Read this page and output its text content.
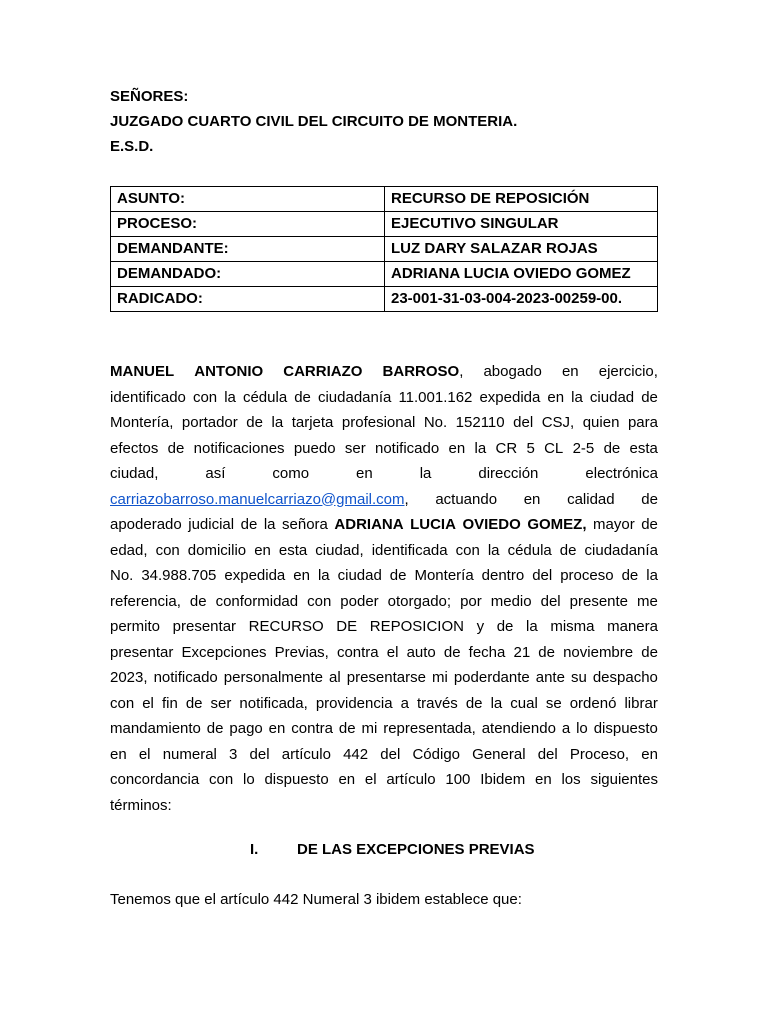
SEÑORES:
JUZGADO CUARTO CIVIL DEL CIRCUITO DE MONTERIA.
E.S.D.
ASUNTO:	RECURSO DE REPOSICIÓN
PROCESO:	EJECUTIVO SINGULAR
DEMANDANTE:	LUZ DARY SALAZAR ROJAS
DEMANDADO:	ADRIANA LUCIA OVIEDO GOMEZ
RADICADO:	23-001-31-03-004-2023-00259-00.
MANUEL ANTONIO CARRIAZO BARROSO, abogado en ejercicio,
identificado con la cédula de ciudadanía 11.001.162 expedida en la ciudad de
Montería, portador de la tarjeta profesional No. 152110 del CSJ, quien para
efectos de notificaciones puedo ser notificado en la CR 5 CL 2-5 de esta
ciudad,	así	como	en	la	dirección	electrónica
carriazobarroso.manuelcarriazo@gmail.com, actuando en calidad de
apoderado judicial de la señora ADRIANA LUCIA OVIEDO GOMEZ, mayor de
edad, con domicilio en esta ciudad, identificada con la cédula de ciudadanía
No. 34.988.705 expedida en la ciudad de Montería dentro del proceso de la
referencia, de conformidad con poder otorgado; por medio del presente me
permito presentar RECURSO DE REPOSICION y de la misma manera
presentar Excepciones Previas, contra el auto de fecha 21 de noviembre de
2023, notificado personalmente al presentarse mi poderdante ante su despacho
con el fin de ser notificada, providencia a través de la cual se ordenó librar
mandamiento de pago en contra de mi representada, atendiendo a lo dispuesto
en el numeral 3 del artículo 442 del Código General del Proceso, en
concordancia con lo dispuesto en el artículo 100 Ibidem en los siguientes
términos:
I.	DE LAS EXCEPCIONES PREVIAS
Tenemos que el artículo 442 Numeral 3 ibidem establece que:
